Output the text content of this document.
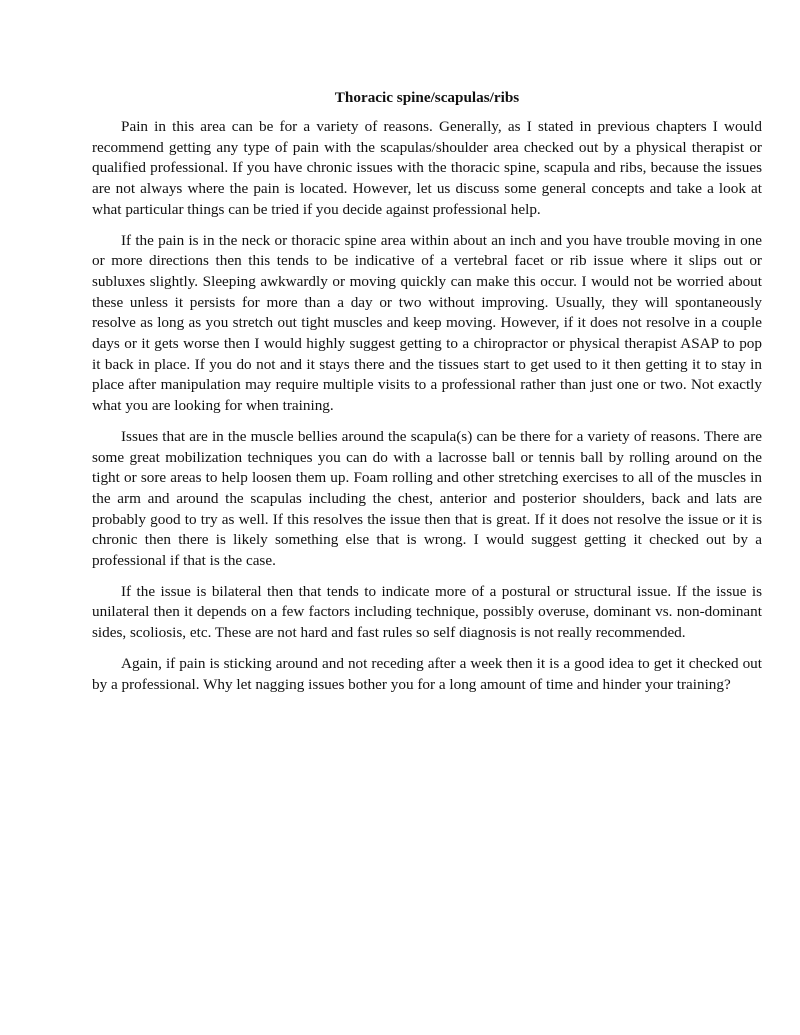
Thoracic spine/scapulas/ribs

Pain in this area can be for a variety of reasons. Generally, as I stated in previous chapters I would recommend getting any type of pain with the scapulas/shoulder area checked out by a physical therapist or qualified professional. If you have chronic issues with the thoracic spine, scapula and ribs, because the issues are not always where the pain is located. However, let us discuss some general concepts and take a look at what particular things can be tried if you decide against professional help.

If the pain is in the neck or thoracic spine area within about an inch and you have trouble moving in one or more directions then this tends to be indicative of a vertebral facet or rib issue where it slips out or subluxes slightly. Sleeping awkwardly or moving quickly can make this occur. I would not be worried about these unless it persists for more than a day or two without improving. Usually, they will spontaneously resolve as long as you stretch out tight muscles and keep moving. However, if it does not resolve in a couple days or it gets worse then I would highly suggest getting to a chiropractor or physical therapist ASAP to pop it back in place. If you do not and it stays there and the tissues start to get used to it then getting it to stay in place after manipulation may require multiple visits to a professional rather than just one or two. Not exactly what you are looking for when training.

Issues that are in the muscle bellies around the scapula(s) can be there for a variety of reasons. There are some great mobilization techniques you can do with a lacrosse ball or tennis ball by rolling around on the tight or sore areas to help loosen them up. Foam rolling and other stretching exercises to all of the muscles in the arm and around the scapulas including the chest, anterior and posterior shoulders, back and lats are probably good to try as well. If this resolves the issue then that is great. If it does not resolve the issue or it is chronic then there is likely something else that is wrong. I would suggest getting it checked out by a professional if that is the case.

If the issue is bilateral then that tends to indicate more of a postural or structural issue. If the issue is unilateral then it depends on a few factors including technique, possibly overuse, dominant vs. non-dominant sides, scoliosis, etc. These are not hard and fast rules so self diagnosis is not really recommended.

Again, if pain is sticking around and not receding after a week then it is a good idea to get it checked out by a professional. Why let nagging issues bother you for a long amount of time and hinder your training?
